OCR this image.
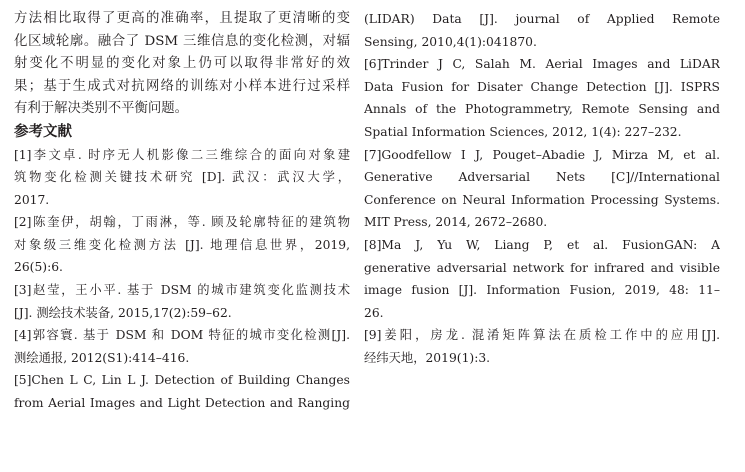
方法相比取得了更高的准确率，且提取了更清晰的变
化区域轮廓。融合了 DSM 三维信息的变化检测，对辐
射变化不明显的变化对象上仍可以取得非常好的效
果；基于生成式对抗网络的训练对小样本进行过采样
有利于解决类别不平衡问题。
参考文献
[1]李文卓. 时序无人机影像二三维综合的面向对象建
筑物变化检测关键技术研究 [D]. 武汉：武汉大学，
2017.
[2]陈奎伊，胡翰，丁雨淋，等. 顾及轮廓特征的建筑物
对象级三维变化检测方法 [J]. 地理信息世界，2019,
26(5):6.
[3]赵莹，王小平. 基于 DSM 的城市建筑变化监测技术
[J]. 测绘技术装备, 2015,17(2):59–62.
[4]郭容寰. 基于 DSM 和 DOM 特征的城市变化检测[J].
测绘通报, 2012(S1):414–416.
[5]Chen L C, Lin L J. Detection of Building Changes
from Aerial Images and Light Detection and Ranging
(LIDAR) Data [J]. journal of Applied Remote
Sensing, 2010,4(1):041870.
[6]Trinder J C, Salah M. Aerial Images and LiDAR
Data Fusion for Disater Change Detection [J]. ISPRS
Annals of the Photogrammetry, Remote Sensing and
Spatial Information Sciences, 2012, 1(4): 227–232.
[7]Goodfellow I J, Pouget–Abadie J, Mirza M, et al.
Generative Adversarial Nets [C]//International
Conference on Neural Information Processing Systems.
MIT Press, 2014, 2672–2680.
[8]Ma J, Yu W, Liang P, et al. FusionGAN: A
generative adversarial network for infrared and visible
image fusion [J]. Information Fusion, 2019, 48: 11–
26.
[9]姜阳，房龙. 混淆矩阵算法在质检工作中的应用[J].
经纬天地，2019(1):3.
